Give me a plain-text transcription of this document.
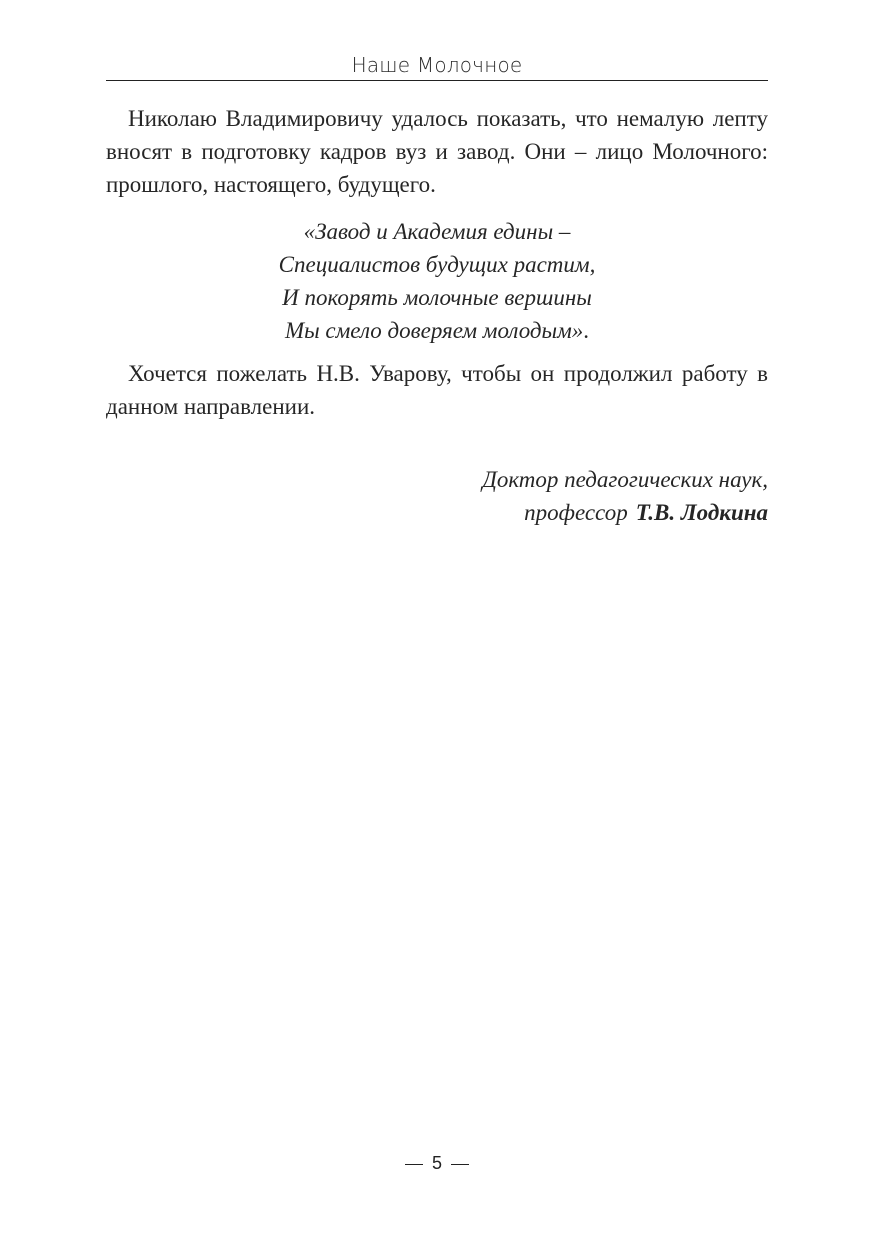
Наше Молочное

Николаю Владимировичу удалось показать, что немалую лепту вносят в подготовку кадров вуз и завод. Они – лицо Молочного: прошлого, настоящего, будущего.

«Завод и Академия едины –
Специалистов будущих растим,
И покорять молочные вершины
Мы смело доверяем молодым».

Хочется пожелать Н.В. Уварову, чтобы он продолжил работу в данном направлении.

Доктор педагогических наук,
профессор Т.В. Лодкина
5
